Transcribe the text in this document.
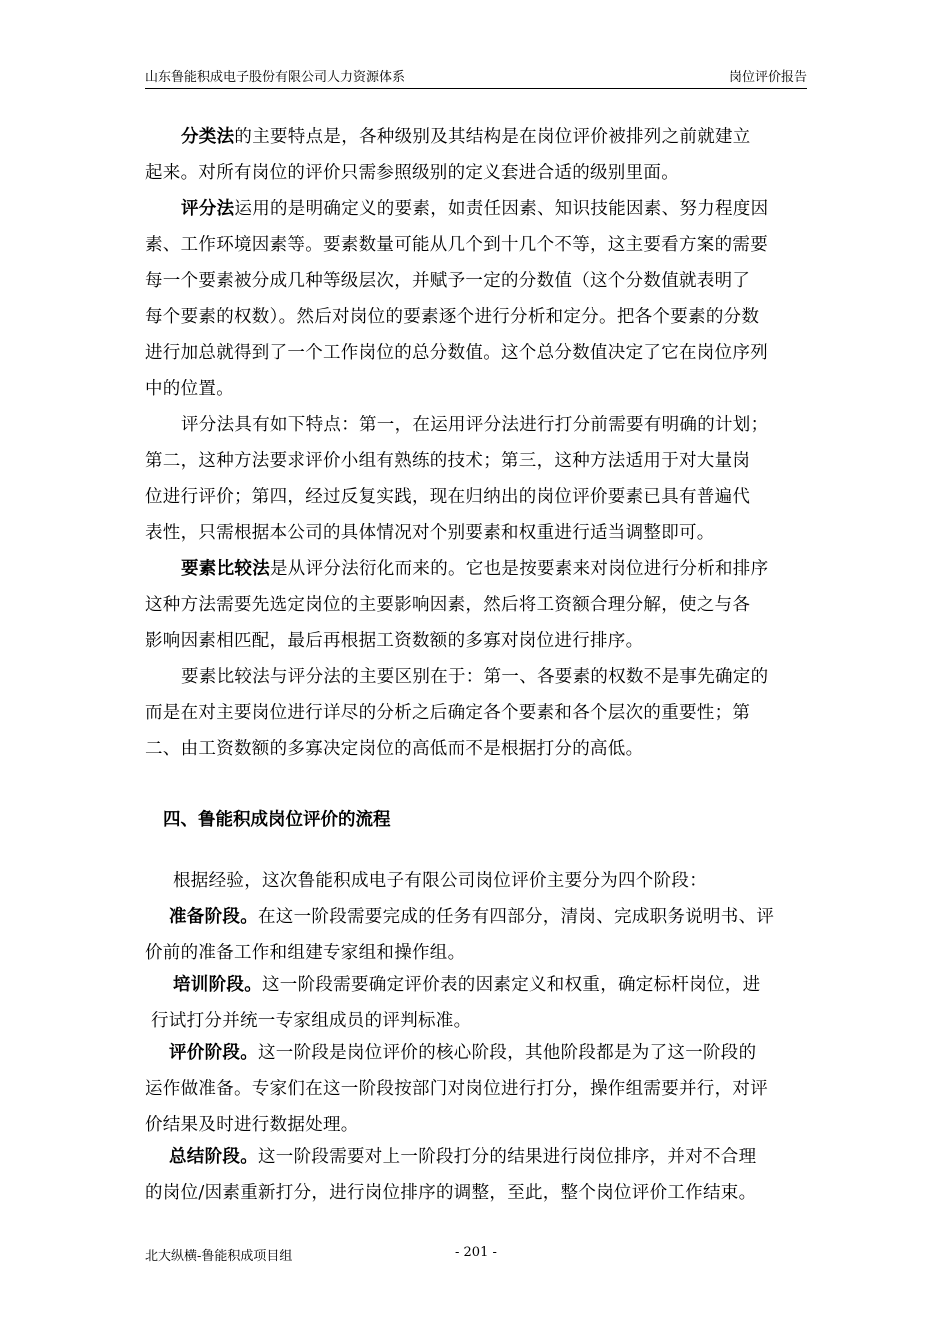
山东鲁能积成电子股份有限公司人力资源体系	岗位评价报告
分类法的主要特点是，各种级别及其结构是在岗位评价被排列之前就建立
起来。对所有岗位的评价只需参照级别的定义套进合适的级别里面。
评分法运用的是明确定义的要素，如责任因素、知识技能因素、努力程度因
素、工作环境因素等。要素数量可能从几个到十几个不等，这主要看方案的需要
每一个要素被分成几种等级层次，并赋予一定的分数值（这个分数值就表明了
每个要素的权数）。然后对岗位的要素逐个进行分析和定分。把各个要素的分数
进行加总就得到了一个工作岗位的总分数值。这个总分数值决定了它在岗位序列
中的位置。
评分法具有如下特点：第一，在运用评分法进行打分前需要有明确的计划；
第二，这种方法要求评价小组有熟练的技术；第三，这种方法适用于对大量岗
位进行评价；第四，经过反复实践，现在归纳出的岗位评价要素已具有普遍代
表性，只需根据本公司的具体情况对个别要素和权重进行适当调整即可。
要素比较法是从评分法衍化而来的。它也是按要素来对岗位进行分析和排序
这种方法需要先选定岗位的主要影响因素，然后将工资额合理分解，使之与各
影响因素相匹配，最后再根据工资数额的多寡对岗位进行排序。
要素比较法与评分法的主要区别在于：第一、各要素的权数不是事先确定的
而是在对主要岗位进行详尽的分析之后确定各个要素和各个层次的重要性；第
二、由工资数额的多寡决定岗位的高低而不是根据打分的高低。
四、鲁能积成岗位评价的流程
根据经验，这次鲁能积成电子有限公司岗位评价主要分为四个阶段：
准备阶段。在这一阶段需要完成的任务有四部分，清岗、完成职务说明书、评
价前的准备工作和组建专家组和操作组。
培训阶段。这一阶段需要确定评价表的因素定义和权重，确定标杆岗位，进
行试打分并统一专家组成员的评判标准。
评价阶段。这一阶段是岗位评价的核心阶段，其他阶段都是为了这一阶段的
运作做准备。专家们在这一阶段按部门对岗位进行打分，操作组需要并行，对评
价结果及时进行数据处理。
总结阶段。这一阶段需要对上一阶段打分的结果进行岗位排序，并对不合理
的岗位/因素重新打分，进行岗位排序的调整，至此，整个岗位评价工作结束。
北大纵横-鲁能积成项目组	- 201 -
